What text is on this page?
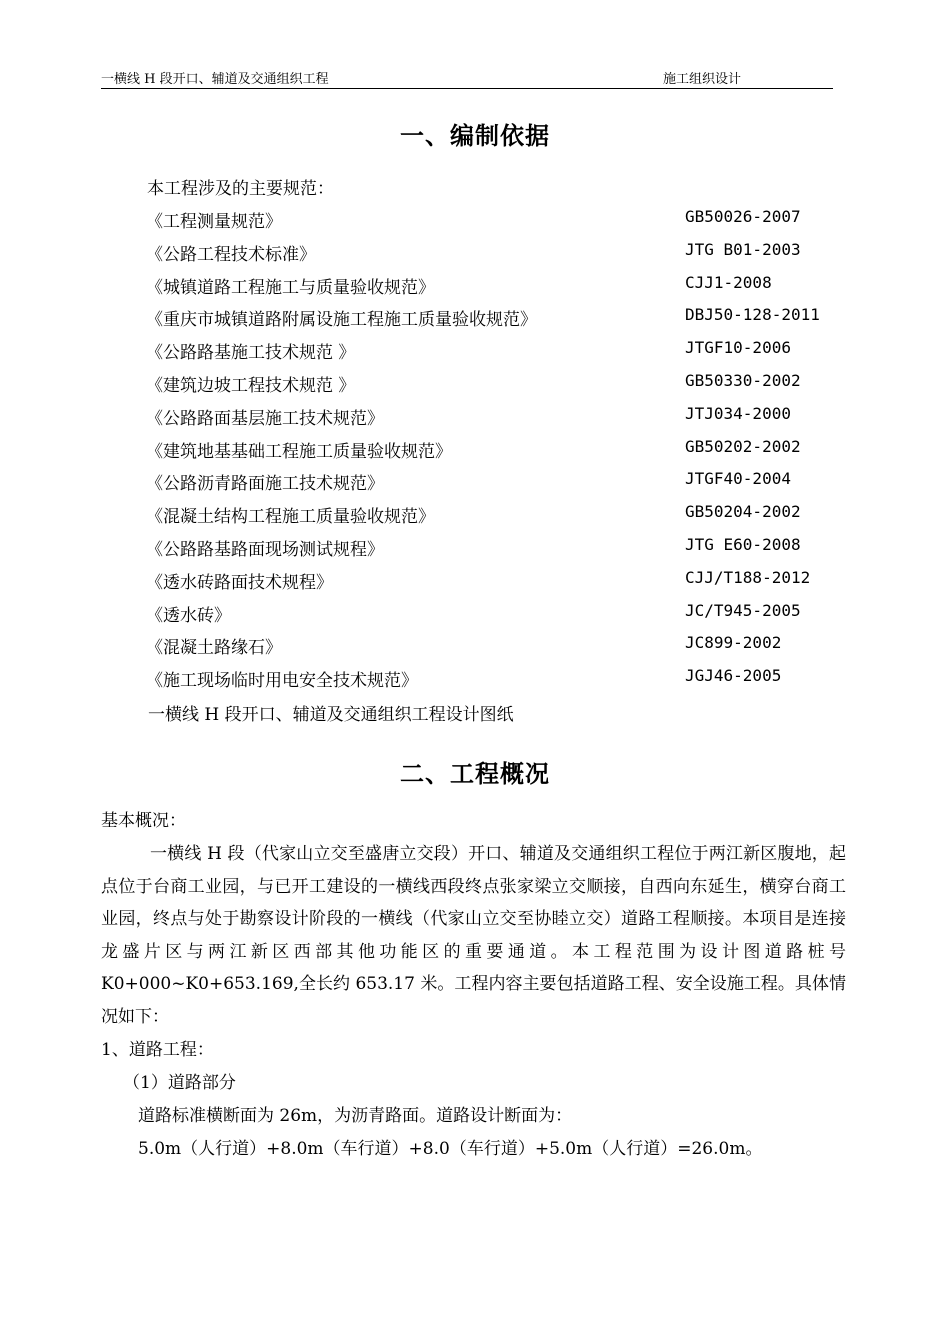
一横线 H 段开口、辅道及交通组织工程	施工组织设计
一、编制依据
本工程涉及的主要规范：
《工程测量规范》	GB50026-2007
《公路工程技术标准》	JTG B01-2003
《城镇道路工程施工与质量验收规范》	CJJ1-2008
《重庆市城镇道路附属设施工程施工质量验收规范》	DBJ50-128-2011
《公路路基施工技术规范 》	JTGF10-2006
《建筑边坡工程技术规范 》	GB50330-2002
《公路路面基层施工技术规范》	JTJ034-2000
《建筑地基基础工程施工质量验收规范》	GB50202-2002
《公路沥青路面施工技术规范》	JTGF40-2004
《混凝土结构工程施工质量验收规范》	GB50204-2002
《公路路基路面现场测试规程》	JTG E60-2008
《透水砖路面技术规程》	CJJ/T188-2012
《透水砖》	JC/T945-2005
《混凝土路缘石》	JC899-2002
《施工现场临时用电安全技术规范》	JGJ46-2005
一横线 H 段开口、辅道及交通组织工程设计图纸
二、工程概况
基本概况：

一横线 H 段（代家山立交至盛唐立交段）开口、辅道及交通组织工程位于两江新区腹地，起点位于台商工业园，与已开工建设的一横线西段终点张家梁立交顺接，自西向东延生，横穿台商工业园，终点与处于勘察设计阶段的一横线（代家山立交至协睦立交）道路工程顺接。本项目是连接龙盛片区与两江新区西部其他功能区的重要通道。本工程范围为设计图道路桩号 K0+000~K0+653.169,全长约 653.17 米。工程内容主要包括道路工程、安全设施工程。具体情况如下：

1、道路工程：
（1）道路部分
道路标准横断面为 26m，为沥青路面。道路设计断面为：
5.0m（人行道）+8.0m（车行道）+8.0（车行道）+5.0m（人行道）=26.0m。
